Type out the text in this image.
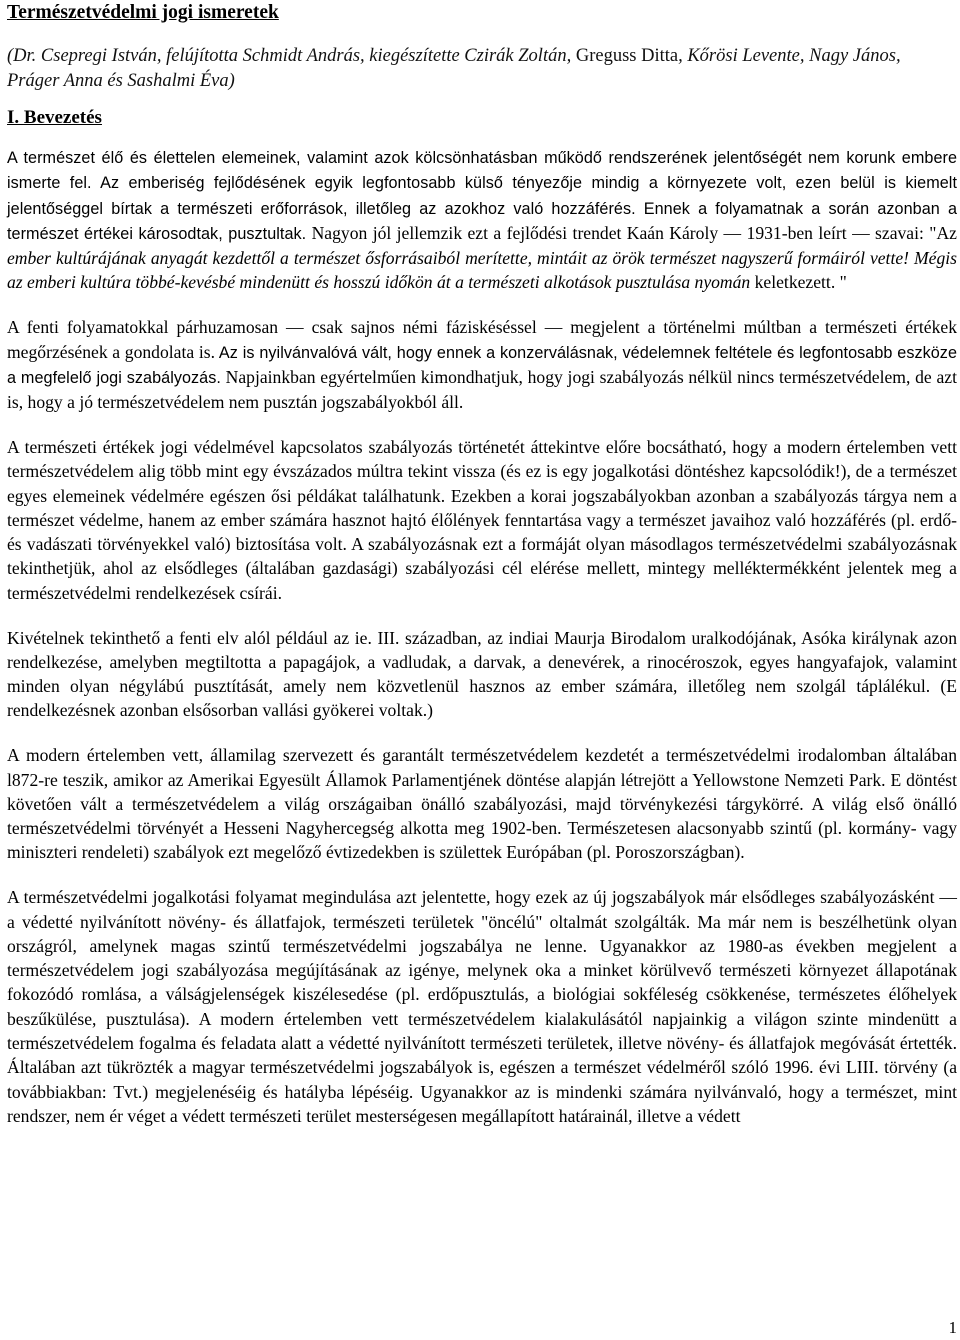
Természetvédelmi jogi ismeretek

(Dr. Csepregi István, felújította Schmidt András, kiegészítette Czirák Zoltán, Greguss Ditta, Kőrösi Levente, Nagy János, Práger Anna és Sashalmi Éva)

I. Bevezetés

A természet élő és élettelen elemeinek, valamint azok kölcsönhatásban működő rendszerének jelentőségét nem korunk embere ismerte fel. Az emberiség fejlődésének egyik legfontosabb külső tényezője mindig a környezete volt, ezen belül is kiemelt jelentőséggel bírtak a természeti erőforrások, illetőleg az azokhoz való hozzáférés. Ennek a folyamatnak a során azonban a természet értékei károsodtak, pusztultak. Nagyon jól jellemzik ezt a fejlődési trendet Kaán Károly ― 1931-ben leírt ― szavai: "Az ember kultúrájának anyagát kezdettől a természet ősforrásaiból merítette, mintáit az örök természet nagyszerű formáiról vette! Mégis az emberi kultúra többé-kevésbé mindenütt és hosszú időkön át a természeti alkotások pusztulása nyomán keletkezett. "

A fenti folyamatokkal párhuzamosan ― csak sajnos némi fáziskéséssel ― megjelent a történelmi múltban a természeti értékek megőrzésének a gondolata is. Az is nyilvánvalóvá vált, hogy ennek a konzerválásnak, védelemnek feltétele és legfontosabb eszköze a megfelelő jogi szabályozás. Napjainkban egyértelműen kimondhatjuk, hogy jogi szabályozás nélkül nincs természetvédelem, de azt is, hogy a jó természetvédelem nem pusztán jogszabályokból áll.

A természeti értékek jogi védelmével kapcsolatos szabályozás történetét áttekintve előre bocsátható, hogy a modern értelemben vett természetvédelem alig több mint egy évszázados múltra tekint vissza (és ez is egy jogalkotási döntéshez kapcsolódik!), de a természet egyes elemeinek védelmére egészen ősi példákat találhatunk. Ezekben a korai jogszabályokban azonban a szabályozás tárgya nem a természet védelme, hanem az ember számára hasznot hajtó élőlények fenntartása vagy a természet javaihoz való hozzáférés (pl. erdő- és vadászati törvényekkel való) biztosítása volt. A szabályozásnak ezt a formáját olyan másodlagos természetvédelmi szabályozásnak tekinthetjük, ahol az elsődleges (általában gazdasági) szabályozási cél elérése mellett, mintegy melléktermékként jelentek meg a természetvédelmi rendelkezések csírái.

Kivételnek tekinthető a fenti elv alól például az ie. III. században, az indiai Maurja Birodalom uralkodójának, Asóka királynak azon rendelkezése, amelyben megtiltotta a papagájok, a vadludak, a darvak, a denevérek, a rinocéroszok, egyes hangyafajok, valamint minden olyan négylábú pusztítását, amely nem közvetlenül hasznos az ember számára, illetőleg nem szolgál táplálékul. (E rendelkezésnek azonban elsősorban vallási gyökerei voltak.)

A modern értelemben vett, államilag szervezett és garantált természetvédelem kezdetét a természetvédelmi irodalomban általában l872-re teszik, amikor az Amerikai Egyesült Államok Parlamentjének döntése alapján létrejött a Yellowstone Nemzeti Park. E döntést követően vált a természetvédelem a világ országaiban önálló szabályozási, majd törvénykezési tárgykörré. A világ első önálló természetvédelmi törvényét a Hesseni Nagyhercegség alkotta meg 1902-ben. Természetesen alacsonyabb szintű (pl. kormány- vagy miniszteri rendeleti) szabályok ezt megelőző évtizedekben is születtek Európában (pl. Poroszországban).

A természetvédelmi jogalkotási folyamat megindulása azt jelentette, hogy ezek az új jogszabályok már elsődleges szabályozásként ― a védetté nyilvánított növény- és állatfajok, természeti területek "öncélú" oltalmát szolgálták. Ma már nem is beszélhetünk olyan országról, amelynek magas szintű természetvédelmi jogszabálya ne lenne. Ugyanakkor az 1980-as években megjelent a természetvédelem jogi szabályozása megújításának az igénye, melynek oka a minket körülvevő természeti környezet állapotának fokozódó romlása, a válságjelenségek kiszélesedése (pl. erdőpusztulás, a biológiai sokféleség csökkenése, természetes élőhelyek beszűkülése, pusztulása). A modern értelemben vett természetvédelem kialakulásától napjainkig a világon szinte mindenütt a természetvédelem fogalma és feladata alatt a védetté nyilvánított természeti területek, illetve növény- és állatfajok megóvását értették. Általában azt tükrözték a magyar természetvédelmi jogszabályok is, egészen a természet védelméről szóló 1996. évi LIII. törvény (a továbbiakban: Tvt.) megjelenéséig és hatályba lépéséig. Ugyanakkor az is mindenki számára nyilvánvaló, hogy a természet, mint rendszer, nem ér véget a védett természeti terület mesterségesen megállapított határainál, illetve a védett

1
